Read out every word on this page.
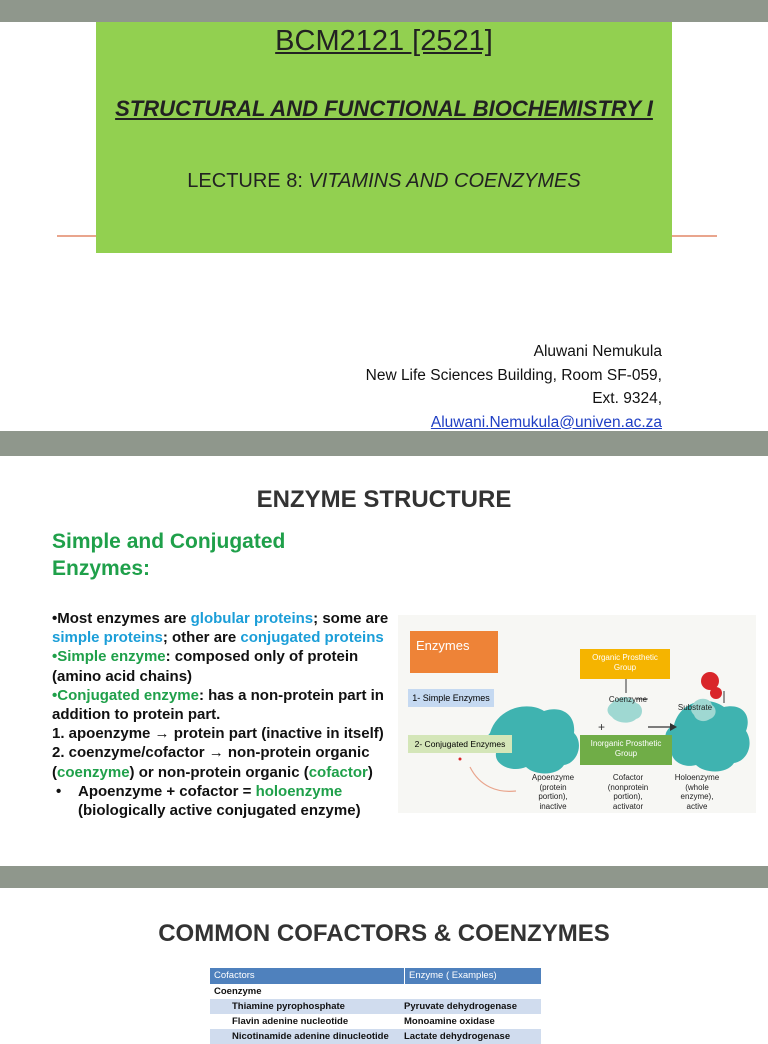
BCM2121 [2521]
STRUCTURAL AND FUNCTIONAL BIOCHEMISTRY I
LECTURE 8: VITAMINS AND COENZYMES
Aluwani Nemukula
New Life Sciences Building, Room SF-059,
Ext. 9324,
Aluwani.Nemukula@univen.ac.za
ENZYME STRUCTURE
Simple and Conjugated Enzymes:
•Most enzymes are globular proteins; some are simple proteins; other are conjugated proteins
•Simple enzyme: composed only of protein (amino acid chains)
•Conjugated enzyme: has a non-protein part in addition to protein part.
1. apoenzyme → protein part (inactive in itself)
2. coenzyme/cofactor → non-protein organic (coenzyme) or non-protein organic (cofactor)
•	Apoenzyme + cofactor = holoenzyme
(biologically active conjugated enzyme)
+
Enzymes
1- Simple Enzymes
2- Conjugated Enzymes
Organic Prosthetic Group
Inorganic Prosthetic Group
Coenzyme
Substrate
Apoenzyme (protein portion), inactive
Cofactor (nonprotein portion), activator
Holoenzyme (whole enzyme), active
COMMON COFACTORS & COENZYMES
Cofactors	Enzyme ( Examples)
Coenzyme
Thiamine pyrophosphate	Pyruvate dehydrogenase
Flavin adenine nucleotide	Monoamine oxidase
Nicotinamide adenine dinucleotide	Lactate dehydrogenase
